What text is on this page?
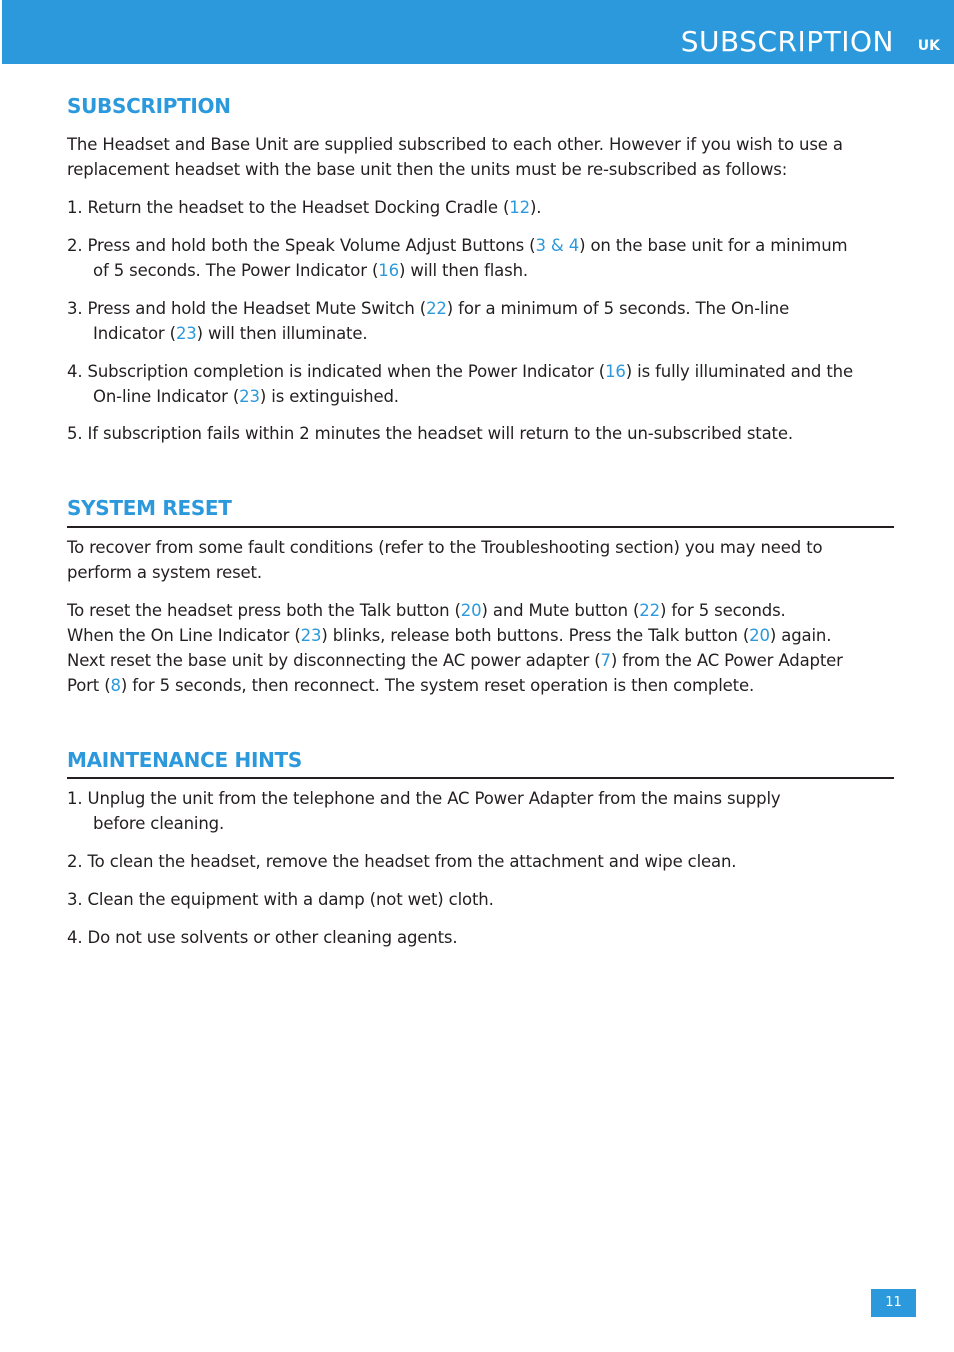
SUBSCRIPTION UK
SUBSCRIPTION
The Headset and Base Unit are supplied subscribed to each other. However if you wish to use a
replacement headset with the base unit then the units must be re-subscribed as follows:
1. Return the headset to the Headset Docking Cradle (12).
2. Press and hold both the Speak Volume Adjust Buttons (3 & 4) on the base unit for a minimum
of 5 seconds. The Power Indicator (16) will then flash.
3. Press and hold the Headset Mute Switch (22) for a minimum of 5 seconds. The On-line
Indicator (23) will then illuminate.
4. Subscription completion is indicated when the Power Indicator (16) is fully illuminated and the
On-line Indicator (23) is extinguished.
5. If subscription fails within 2 minutes the headset will return to the un-subscribed state.
SYSTEM RESET
To recover from some fault conditions (refer to the Troubleshooting section) you may need to
perform a system reset.
To reset the headset press both the Talk button (20) and Mute button (22) for 5 seconds.
When the On Line Indicator (23) blinks, release both buttons. Press the Talk button (20) again.
Next reset the base unit by disconnecting the AC power adapter (7) from the AC Power Adapter
Port (8) for 5 seconds, then reconnect. The system reset operation is then complete.
MAINTENANCE HINTS
1. Unplug the unit from the telephone and the AC Power Adapter from the mains supply
before cleaning.
2. To clean the headset, remove the headset from the attachment and wipe clean.
3. Clean the equipment with a damp (not wet) cloth.
4. Do not use solvents or other cleaning agents.
11
